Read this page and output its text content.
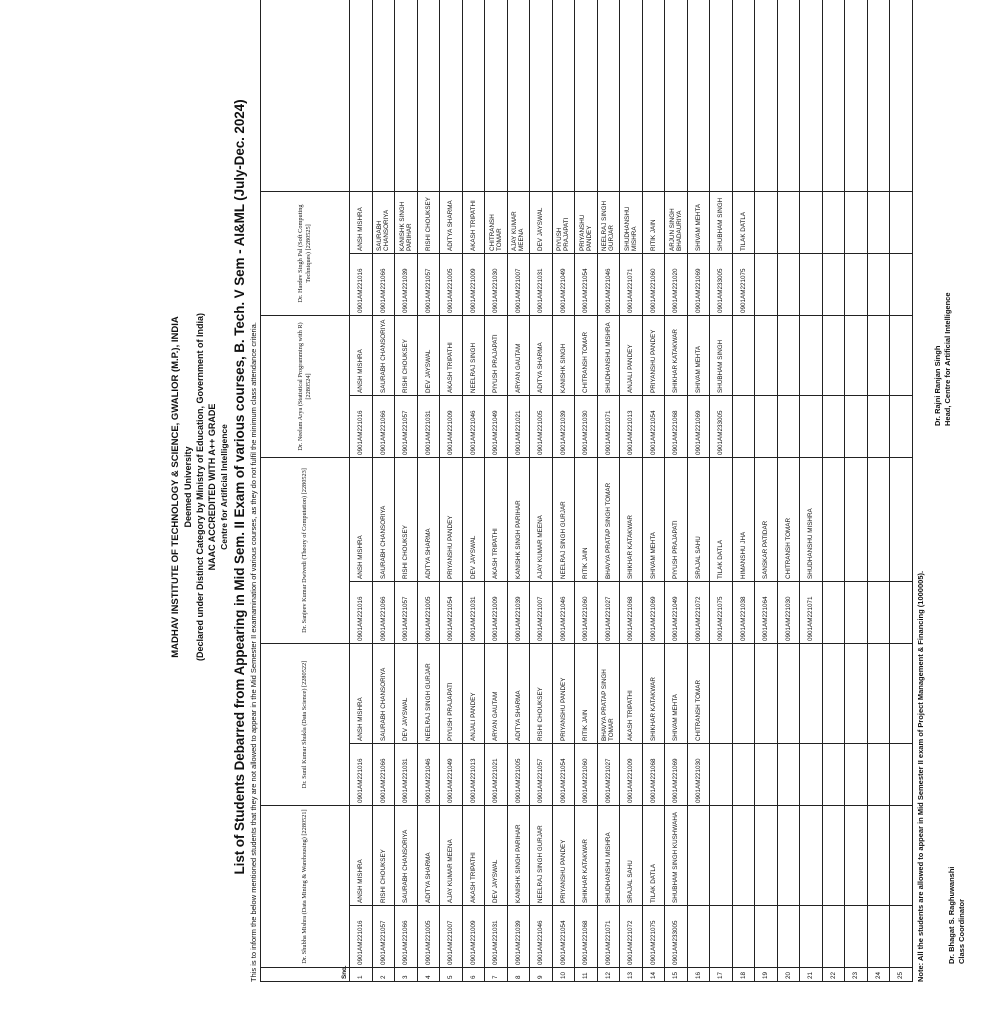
MADHAV INSTITUTE OF TECHNOLOGY & SCIENCE, GWALIOR (M.P.), INDIA Deemed University (Declared under Distinct Category by Ministry of Education, Government of India) NAAC ACCREDITED WITH A++ GRADE Centre for Artificial Intelligence List of Students Debarred from Appearing in Mid Sem. II Exam of various courses, B. Tech. V Sem - AI&ML (July-Dec. 2024) This is to inform the below mentioned students that they are not allowed to appear in the Mid Semester II examamination of various courses, as they do not fulfil the minimum class attendance criteria.	Sno.	Dr. Shubha Mishra (Data Mining & Warehousing) [2280521]		Dr. Sunil Kumar Shukla (Data Science) [2280522]		Dr. Sanjeev Kumar Dwivedi (Theory of Computation) [2280523]		Dr. Neelam Arya (Statistical Programming with R) [2280524]		Dr. Hardev Singh Pal (Soft Computing Techniques) [2280525]		
1	0901AM221016	ANSH MISHRA	0901AM221016	ANSH MISHRA	0901AM221016	ANSH MISHRA	0901AM221016	ANSH MISHRA	0901AM221016	ANSH MISHRA	
2	0901AM221057	RISHI CHOUKSEY	0901AM221066	SAURABH CHANSORIYA	0901AM221066	SAURABH CHANSORIYA	0901AM221066	SAURABH CHANSORIYA	0901AM221066	SAURABH CHANSORIYA	
3	0901AM221066	SAURABH CHANSORIYA	0901AM221031	DEV JAYSWAL	0901AM221057	RISHI CHOUKSEY	0901AM221057	RISHI CHOUKSEY	0901AM221039	KANISHK SINGH PARIHAR	
4	0901AM221005	ADITYA SHARMA	0901AM221046	NEELRAJ SINGH GURJAR	0901AM221005	ADITYA SHARMA	0901AM221031	DEV JAYSWAL	0901AM221057	RISHI CHOUKSEY	
5	0901AM221007	AJAY KUMAR MEENA	0901AM221049	PIYUSH PRAJAPATI	0901AM221054	PRIYANSHU PANDEY	0901AM221009	AKASH TRIPATHI	0901AM221005	ADITYA SHARMA	
6	0901AM221009	AKASH TRIPATHI	0901AM221013	ANJALI PANDEY	0901AM221031	DEV JAYSWAL	0901AM221046	NEELRAJ SINGH	0901AM221009	AKASH TRIPATHI	
7	0901AM221031	DEV JAYSWAL	0901AM221021	ARYAN GAUTAM	0901AM221009	AKASH TRIPATHI	0901AM221049	PIYUSH PRAJAPATI	0901AM221030	CHITRANSH TOMAR	
8	0901AM221039	KANISHK SINGH PARIHAR	0901AM221005	ADITYA SHARMA	0901AM221039	KANISHK SINGH PARIHAR	0901AM221021	ARYAN GAUTAM	0901AM221007	AJAY KUMAR MEENA	
9	0901AM221046	NEELRAJ SINGH GURJAR	0901AM221057	RISHI CHOUKSEY	0901AM221007	AJAY KUMAR MEENA	0901AM221005	ADITYA SHARMA	0901AM221031	DEV JAYSWAL	
10	0901AM221054	PRIYANSHU PANDEY	0901AM221054	PRIYANSHU PANDEY	0901AM221046	NEELRAJ SINGH GURJAR	0901AM221039	KANISHK SINGH	0901AM221049	PIYUSH PRAJAPATI	
11	0901AM221068	SHIKHAR KATAKWAR	0901AM221060	RITIK JAIN	0901AM221060	RITIK JAIN	0901AM221030	CHITRANSH TOMAR	0901AM221054	PRIYANSHU PANDEY	
12	0901AM221071	SHUDHANSHU MISHRA	0901AM221027	BHAVYA PRATAP SINGH TOMAR	0901AM221027	BHAVYA PRATAP SINGH TOMAR	0901AM221071	SHUDHANSHU MISHRA	0901AM221046	NEELRAJ SINGH GURJAR	
13	0901AM221072	SRAJAL SAHU	0901AM221009	AKASH TRIPATHI	0901AM221068	SHIKHAR KATAKWAR	0901AM221013	ANJALI PANDEY	0901AM221071	SHUDHANSHU MISHRA	
14	0901AM221075	TILAK DATLA	0901AM221068	SHIKHAR KATAKWAR	0901AM221069	SHIVAM MEHTA	0901AM221054	PRIYANSHU PANDEY	0901AM221060	RITIK JAIN	
15	0901AM233005	SHUBHAM SINGH KUSHWAHA	0901AM221069	SHIVAM MEHTA	0901AM221049	PIYUSH PRAJAPATI	0901AM221068	SHIKHAR KATAKWAR	0901AM221020	ARJUN SINGH BHADAURIYA	
16			0901AM221030	CHITRANSH TOMAR	0901AM221072	SRAJAL SAHU	0901AM221069	SHIVAM MEHTA	0901AM221069	SHIVAM MEHTA	
17					0901AM221075	TILAK DATLA	0901AM233005	SHUBHAM SINGH	0901AM233005	SHUBHAM SINGH	
18					0901AM221038	HIMANSHU JHA			0901AM221075	TILAK DATLA	
19					0901AM221064	SANSKAR PATIDAR					
20					0901AM221030	CHITRANSH TOMAR					
21					0901AM221071	SHUDHANSHU MISHRA					
22											
23											
24											
25											Note: All the students are allowed to appear in Mid Semester II exam of Project Management & Financing (1000005).	Dr. Bhagat S. Raghuwanshi Class Coordinator
Dr. Rajni Ranjan Singh Head, Centre for Artificial Intelligence
